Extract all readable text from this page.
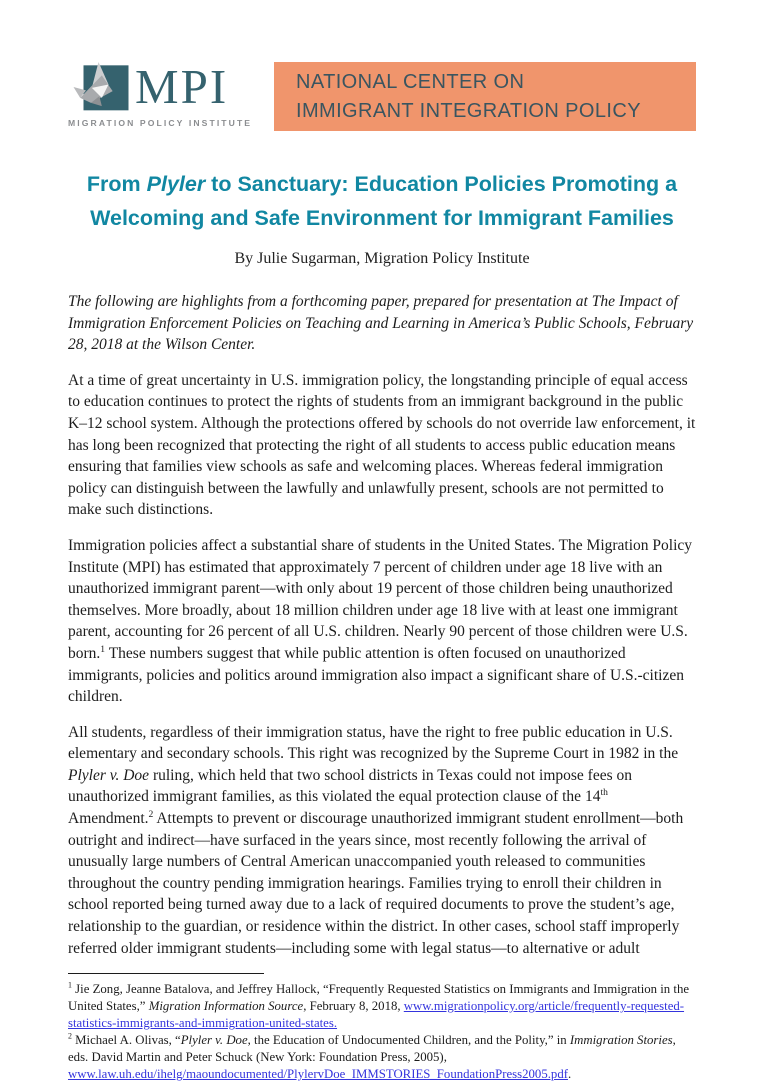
MPI
MIGRATION POLICY INSTITUTE
NATIONAL CENTER ON
IMMIGRANT INTEGRATION POLICY
From Plyler to Sanctuary: Education Policies Promoting a
Welcoming and Safe Environment for Immigrant Families

By Julie Sugarman, Migration Policy Institute

The following are highlights from a forthcoming paper, prepared for presentation at The Impact of Immigration Enforcement Policies on Teaching and Learning in America’s Public Schools, February 28, 2018 at the Wilson Center.

At a time of great uncertainty in U.S. immigration policy, the longstanding principle of equal access to education continues to protect the rights of students from an immigrant background in the public K–12 school system. Although the protections offered by schools do not override law enforcement, it has long been recognized that protecting the right of all students to access public education means ensuring that families view schools as safe and welcoming places. Whereas federal immigration policy can distinguish between the lawfully and unlawfully present, schools are not permitted to make such distinctions.

Immigration policies affect a substantial share of students in the United States. The Migration Policy Institute (MPI) has estimated that approximately 7 percent of children under age 18 live with an unauthorized immigrant parent—with only about 19 percent of those children being unauthorized themselves. More broadly, about 18 million children under age 18 live with at least one immigrant parent, accounting for 26 percent of all U.S. children. Nearly 90 percent of those children were U.S. born.$^1$ These numbers suggest that while public attention is often focused on unauthorized immigrants, policies and politics around immigration also impact a significant share of U.S.-citizen children.

All students, regardless of their immigration status, have the right to free public education in U.S. elementary and secondary schools. This right was recognized by the Supreme Court in 1982 in the Plyler v. Doe ruling, which held that two school districts in Texas could not impose fees on unauthorized immigrant families, as this violated the equal protection clause of the 14th Amendment.$^2$ Attempts to prevent or discourage unauthorized immigrant student enrollment—both outright and indirect—have surfaced in the years since, most recently following the arrival of unusually large numbers of Central American unaccompanied youth released to communities throughout the country pending immigration hearings. Families trying to enroll their children in school reported being turned away due to a lack of required documents to prove the student’s age, relationship to the guardian, or residence within the district. In other cases, school staff improperly referred older immigrant students—including some with legal status—to alternative or adult

$^1$ Jie Zong, Jeanne Batalova, and Jeffrey Hallock, “Frequently Requested Statistics on Immigrants and Immigration in the United States,” Migration Information Source, February 8, 2018, www.migrationpolicy.org/article/frequently-requested-statistics-immigrants-and-immigration-united-states.

$^2$ Michael A. Olivas, “Plyler v. Doe, the Education of Undocumented Children, and the Polity,” in Immigration Stories, eds. David Martin and Peter Schuck (New York: Foundation Press, 2005), www.law.uh.edu/ihelg/maoundocumented/PlylervDoe_IMMSTORIES_FoundationPress2005.pdf.
